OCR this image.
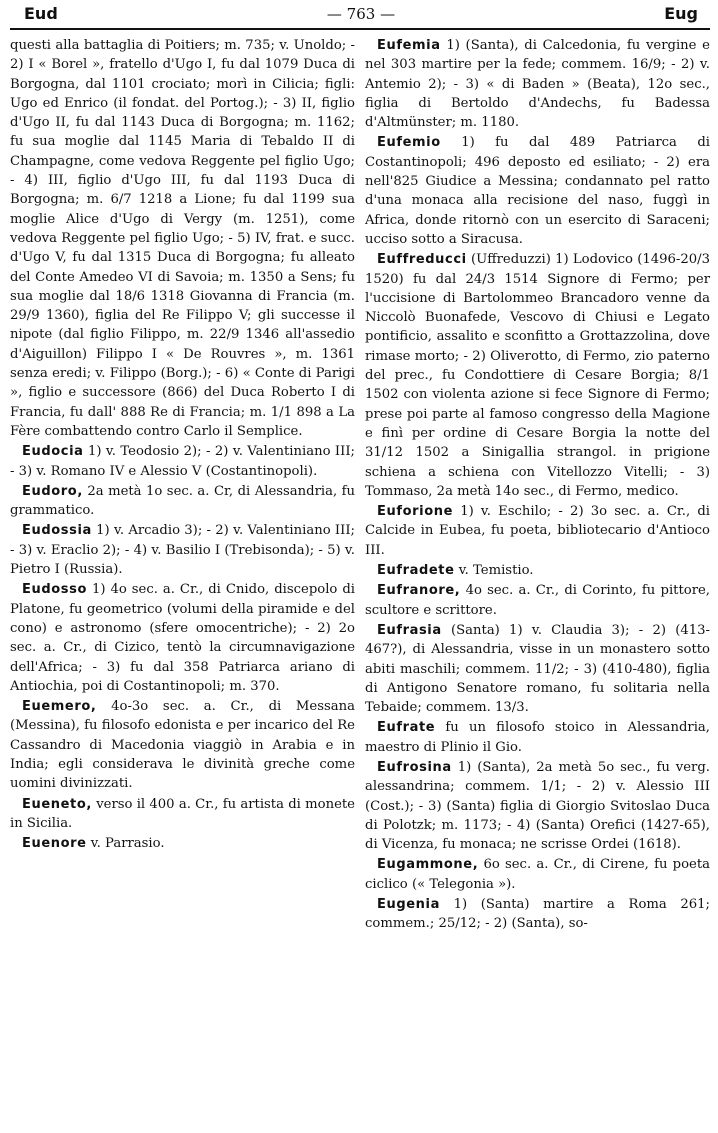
Eud	— 763 —	Eug

questi alla battaglia di Poitiers; m. 735; v. Unoldo; - 2) I « Borel », fratello d'Ugo I, fu dal 1079 Duca di Borgogna, dal 1101 crociato; morì in Cilicia; figli: Ugo ed Enrico (il fondat. del Portog.); - 3) II, figlio d'Ugo II, fu dal 1143 Duca di Borgogna; m. 1162; fu sua moglie dal 1145 Maria di Tebaldo II di Champagne, come vedova Reggente pel figlio Ugo; - 4) III, figlio d'Ugo III, fu dal 1193 Duca di Borgogna; m. 6/7 1218 a Lione; fu dal 1199 sua moglie Alice d'Ugo di Vergy (m. 1251), come vedova Reggente pel figlio Ugo; - 5) IV, frat. e succ. d'Ugo V, fu dal 1315 Duca di Borgogna; fu alleato del Conte Amedeo VI di Savoia; m. 1350 a Sens; fu sua moglie dal 18/6 1318 Giovanna di Francia (m. 29/9 1360), figlia del Re Filippo V; gli successe il nipote (dal figlio Filippo, m. 22/9 1346 all'assedio d'Aiguillon) Filippo I « De Rouvres », m. 1361 senza eredi; v. Filippo (Borg.); - 6) « Conte di Parigi », figlio e successore (866) del Duca Roberto I di Francia, fu dall' 888 Re di Francia; m. 1/1 898 a La Fère combattendo contro Carlo il Semplice.

Eudocia 1) v. Teodosio 2); - 2) v. Valentiniano III; - 3) v. Romano IV e Alessio V (Costantinopoli).

Eudoro, 2a metà 1o sec. a. Cr, di Alessandria, fu grammatico.

Eudossia 1) v. Arcadio 3); - 2) v. Valentiniano III; - 3) v. Eraclio 2); - 4) v. Basilio I (Trebisonda); - 5) v. Pietro I (Russia).

Eudosso 1) 4o sec. a. Cr., di Cnido, discepolo di Platone, fu geometrico (volumi della piramide e del cono) e astronomo (sfere omocentriche); - 2) 2o sec. a. Cr., di Cizico, tentò la circumnavigazione dell'Africa; - 3) fu dal 358 Patriarca ariano di Antiochia, poi di Costantinopoli; m. 370.

Euemero, 4o-3o sec. a. Cr., di Messana (Messina), fu filosofo edonista e per incarico del Re Cassandro di Macedonia viaggiò in Arabia e in India; egli considerava le divinità greche come uomini divinizzati.

Eueneto, verso il 400 a. Cr., fu artista di monete in Sicilia.

Euenore v. Parrasio.

Eufemia 1) (Santa), di Calcedonia, fu vergine e nel 303 martire per la fede; commem. 16/9; - 2) v. Antemio 2); - 3) « di Baden » (Beata), 12o sec., figlia di Bertoldo d'Andechs, fu Badessa d'Altmünster; m. 1180.

Eufemio 1) fu dal 489 Patriarca di Costantinopoli; 496 deposto ed esiliato; - 2) era nell'825 Giudice a Messina; condannato pel ratto d'una monaca alla recisione del naso, fuggì in Africa, donde ritornò con un esercito di Saraceni; ucciso sotto a Siracusa.

Euffreducci (Uffreduzzi) 1) Lodovico (1496-20/3 1520) fu dal 24/3 1514 Signore di Fermo; per l'uccisione di Bartolommeo Brancadoro venne da Niccolò Buonafede, Vescovo di Chiusi e Legato pontificio, assalito e sconfitto a Grottazzolina, dove rimase morto; - 2) Oliverotto, di Fermo, zio paterno del prec., fu Condottiere di Cesare Borgia; 8/1 1502 con violenta azione si fece Signore di Fermo; prese poi parte al famoso congresso della Magione e finì per ordine di Cesare Borgia la notte del 31/12 1502 a Sinigallia strangol. in prigione schiena a schiena con Vitellozzo Vitelli; - 3) Tommaso, 2a metà 14o sec., di Fermo, medico.

Euforione 1) v. Eschilo; - 2) 3o sec. a. Cr., di Calcide in Eubea, fu poeta, bibliotecario d'Antioco III.

Eufradete v. Temistio.

Eufranore, 4o sec. a. Cr., di Corinto, fu pittore, scultore e scrittore.

Eufrasia (Santa) 1) v. Claudia 3); - 2) (413-467?), di Alessandria, visse in un monastero sotto abiti maschili; commem. 11/2; - 3) (410-480), figlia di Antigono Senatore romano, fu solitaria nella Tebaide; commem. 13/3.

Eufrate fu un filosofo stoico in Alessandria, maestro di Plinio il Gio.

Eufrosina 1) (Santa), 2a metà 5o sec., fu verg. alessandrina; commem. 1/1; - 2) v. Alessio III (Cost.); - 3) (Santa) figlia di Giorgio Svitoslao Duca di Polotzk; m. 1173; - 4) (Santa) Orefici (1427-65), di Vicenza, fu monaca; ne scrisse Ordei (1618).

Eugammone, 6o sec. a. Cr., di Cirene, fu poeta ciclico (« Telegonia »).

Eugenia 1) (Santa) martire a Roma 261; commem.; 25/12; - 2) (Santa), so-
